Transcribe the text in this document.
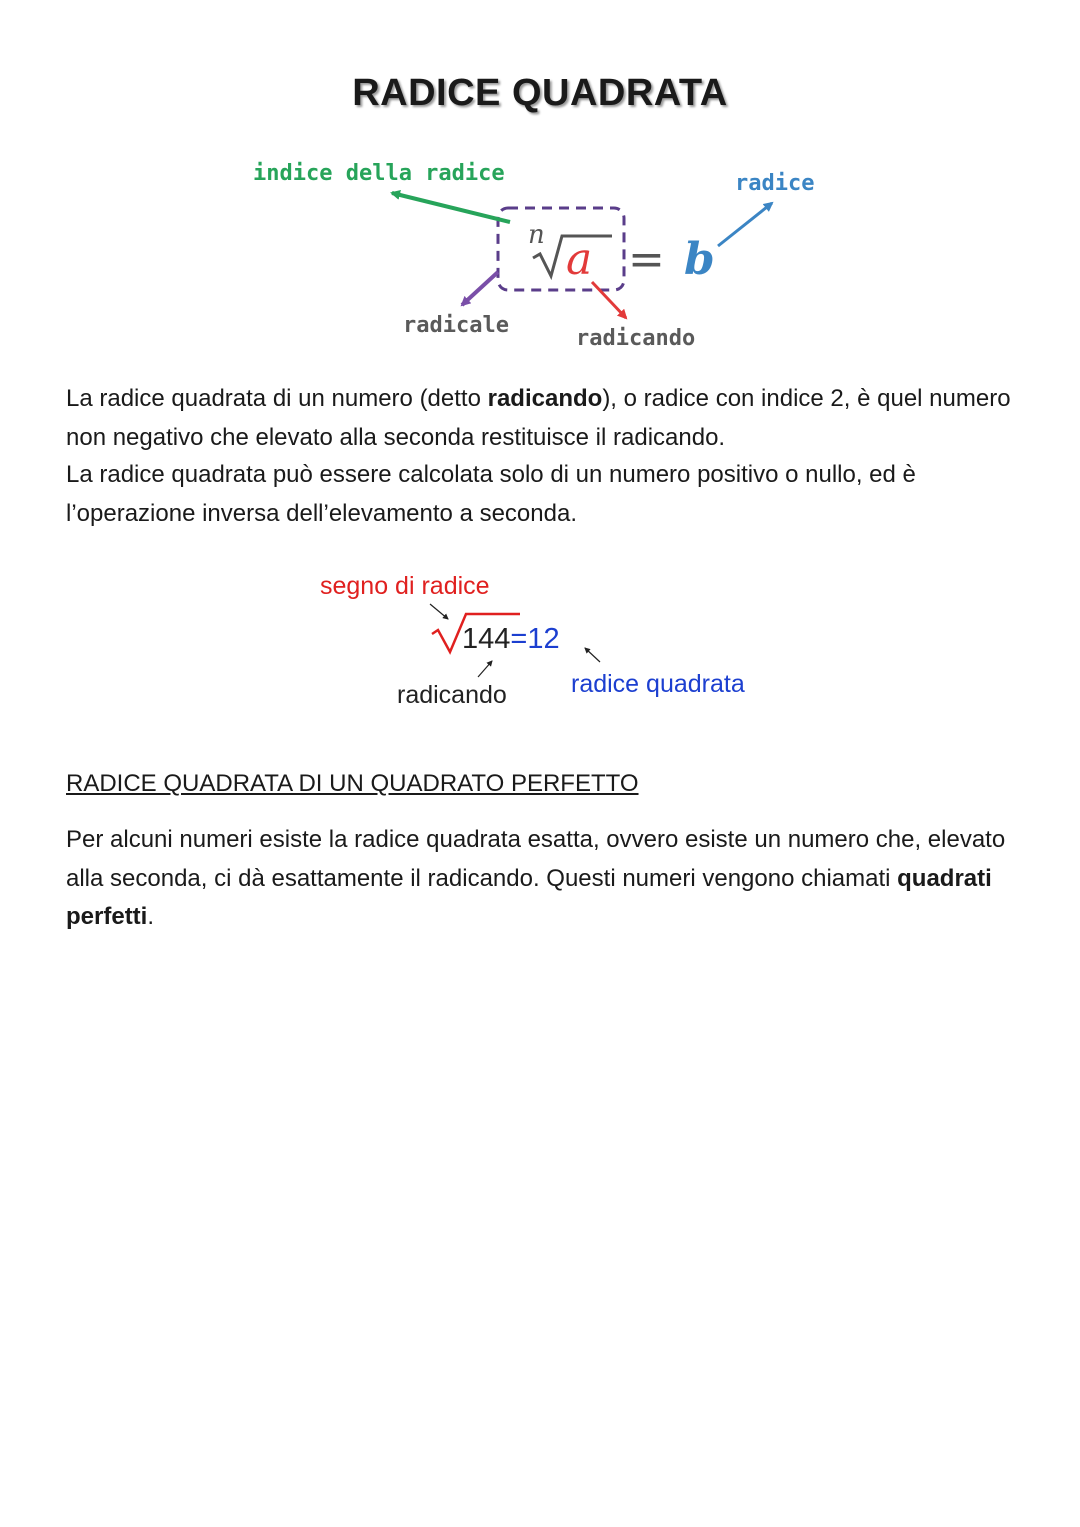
RADICE QUADRATA
indice della radice	radice
radicale
radicando
n a = b
segno di radice
144=12
radicando	radice quadrata

La radice quadrata di un numero (detto radicando), o radice con indice 2, è quel numero non negativo che elevato alla seconda restituisce il radicando.

La radice quadrata può essere calcolata solo di un numero positivo o nullo, ed è l’operazione inversa dell’elevamento a seconda.

RADICE QUADRATA DI UN QUADRATO PERFETTO

Per alcuni numeri esiste la radice quadrata esatta, ovvero esiste un numero che, elevato alla seconda, ci dà esattamente il radicando. Questi numeri vengono chiamati quadrati perfetti.
